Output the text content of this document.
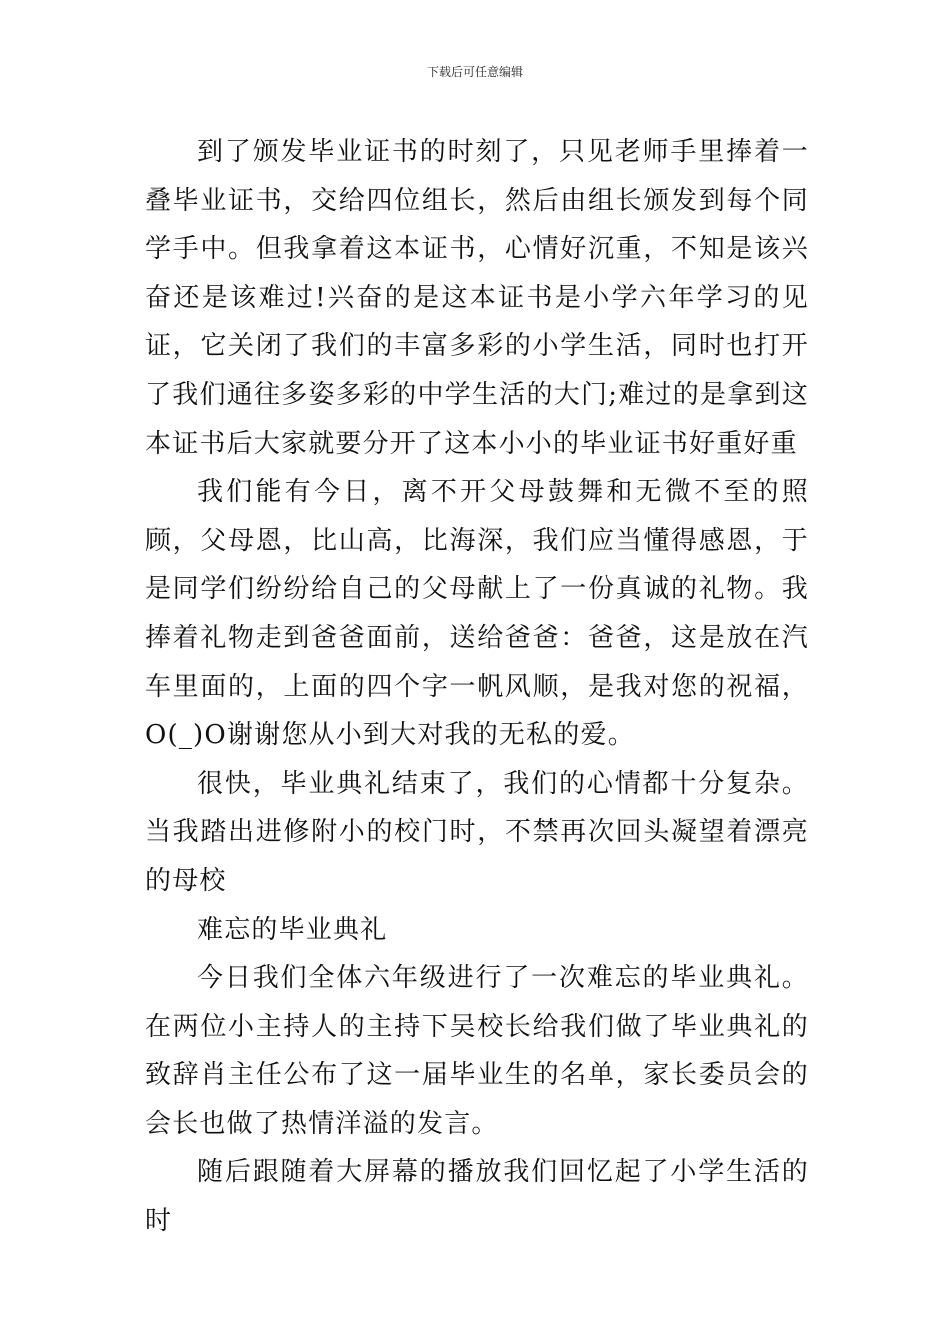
下载后可任意编辑

到了颁发毕业证书的时刻了，只见老师手里捧着一叠毕业证书，交给四位组长，然后由组长颁发到每个同学手中。但我拿着这本证书，心情好沉重，不知是该兴奋还是该难过!兴奋的是这本证书是小学六年学习的见证，它关闭了我们的丰富多彩的小学生活，同时也打开了我们通往多姿多彩的中学生活的大门;难过的是拿到这本证书后大家就要分开了这本小小的毕业证书好重好重

我们能有今日，离不开父母鼓舞和无微不至的照顾，父母恩，比山高，比海深，我们应当懂得感恩，于是同学们纷纷给自己的父母献上了一份真诚的礼物。我捧着礼物走到爸爸面前，送给爸爸：爸爸，这是放在汽车里面的，上面的四个字一帆风顺，是我对您的祝福，O(_)O谢谢您从小到大对我的无私的爱。

很快，毕业典礼结束了，我们的心情都十分复杂。当我踏出进修附小的校门时，不禁再次回头凝望着漂亮的母校

难忘的毕业典礼

今日我们全体六年级进行了一次难忘的毕业典礼。在两位小主持人的主持下吴校长给我们做了毕业典礼的致辞肖主任公布了这一届毕业生的名单，家长委员会的会长也做了热情洋溢的发言。

随后跟随着大屏幕的播放我们回忆起了小学生活的时
